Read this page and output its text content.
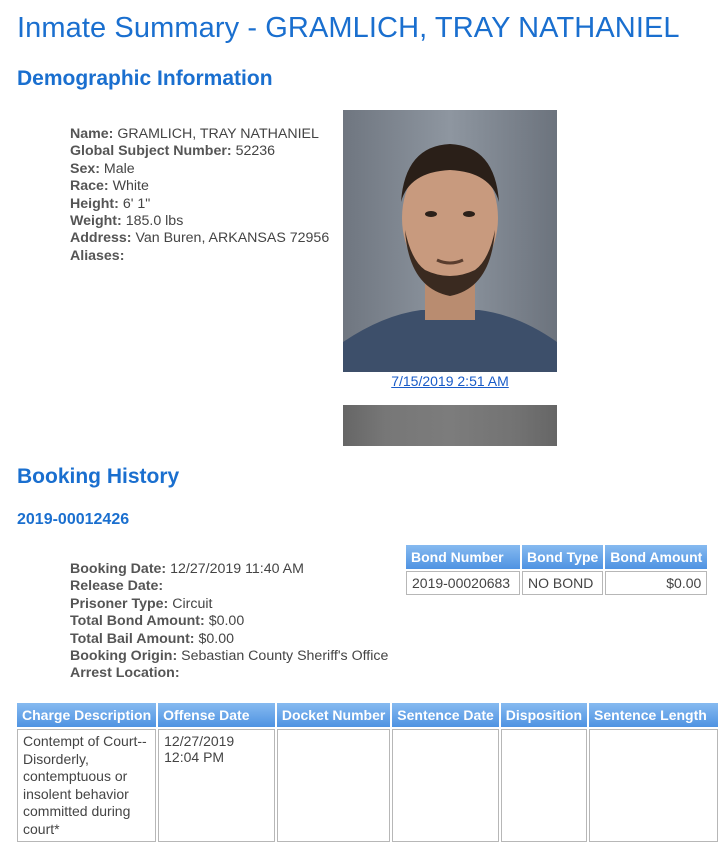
Inmate Summary - GRAMLICH, TRAY NATHANIEL
Demographic Information
Name: GRAMLICH, TRAY NATHANIEL
Global Subject Number: 52236
Sex: Male
Race: White
Height: 6' 1"
Weight: 185.0 lbs
Address: Van Buren, ARKANSAS 72956
Aliases:
7/15/2019 2:51 AM
Booking History
2019-00012426
Booking Date: 12/27/2019 11:40 AM
Release Date:
Prisoner Type: Circuit
Total Bond Amount: $0.00
Total Bail Amount: $0.00
Booking Origin: Sebastian County Sheriff's Office
Arrest Location:
Bond Number	Bond Type	Bond Amount
2019-00020683	NO BOND	$0.00
Charge Description	Offense Date	Docket Number	Sentence Date	Disposition	Sentence Length
Contempt of Court--Disorderly, contemptuous or insolent behavior committed during court*	12/27/2019 12:04 PM				
